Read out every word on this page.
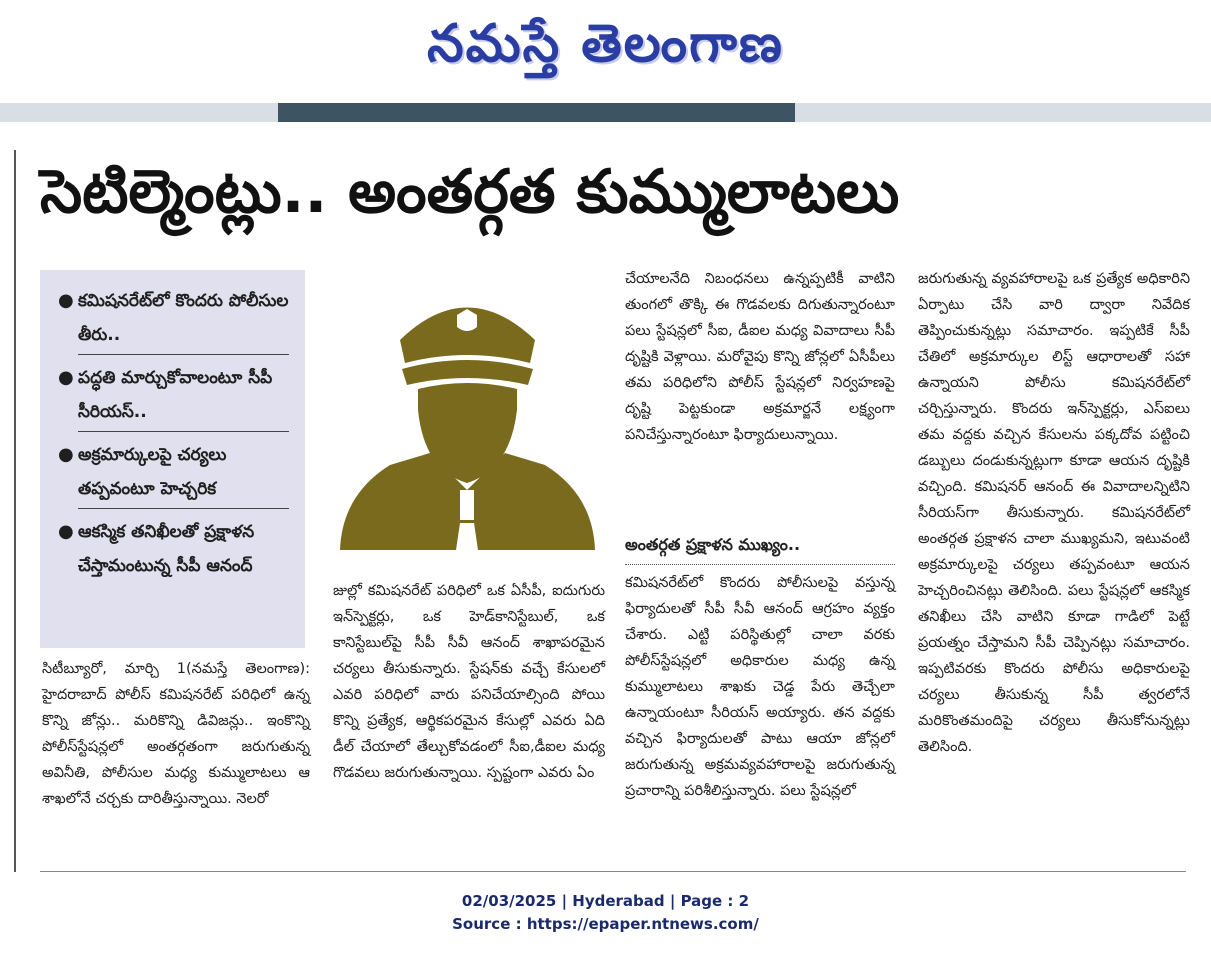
నమస్తే తెలంగాణ
సెటిల్మెంట్లు.. అంతర్గత కుమ్ములాటలు
● కమిషనరేట్‌లో కొందరు పోలీసుల తీరు..
● పద్ధతి మార్చుకోవాలంటూ సీపీ సీరియస్..
● అక్రమార్కులపై చర్యలు తప్పవంటూ హెచ్చరిక
● ఆకస్మిక తనిఖీలతో ప్రక్షాళన చేస్తామంటున్న సీపీ ఆనంద్
సిటీబ్యూరో, మార్చి 1(నమస్తే తెలంగాణ): హైదరాబాద్ పోలీస్ కమిషనరేట్ పరిధిలో ఉన్న కొన్ని జోన్లు.. మరికొన్ని డివిజన్లు.. ఇంకొన్ని పోలీస్‌స్టేషన్లలో అంతర్గతంగా జరుగుతున్న అవినీతి, పోలీసుల మధ్య కుమ్ములాటలు ఆ శాఖలోనే చర్చకు దారితీస్తున్నాయి. నెలరో
జుల్లో కమిషనరేట్ పరిధిలో ఒక ఏసీపీ, ఐదుగురు ఇన్‌స్పెక్టర్లు, ఒక హెడ్‌కానిస్టేబుల్, ఒక కానిస్టేబుల్‌పై సీపీ సీవీ ఆనంద్ శాఖాపరమైన చర్యలు తీసుకున్నారు. స్టేషన్‌కు వచ్చే కేసులలో ఎవరి పరిధిలో వారు పనిచేయాల్సింది పోయి కొన్ని ప్రత్యేక, ఆర్థికపరమైన కేసుల్లో ఎవరు ఏది డీల్ చేయాలో తేల్చుకోవడంలో సీఐ,డీఐల మధ్య గొడవలు జరుగుతున్నాయి. స్పష్టంగా ఎవరు ఏం
చేయాలనేది నిబంధనలు ఉన్నప్పటికీ వాటిని తుంగలో తొక్కి ఈ గొడవలకు దిగుతున్నారంటూ పలు స్టేషన్లలో సీఐ, డీఐల మధ్య వివాదాలు సీపీ దృష్టికి వెళ్లాయి. మరోవైపు కొన్ని జోన్లలో ఏసీపీలు తమ పరిధిలోని పోలీస్ స్టేషన్లలో నిర్వహణపై దృష్టి పెట్టకుండా అక్రమార్జనే లక్ష్యంగా పనిచేస్తున్నారంటూ ఫిర్యాదులున్నాయి.
అంతర్గత ప్రక్షాళన ముఖ్యం..
కమిషనరేట్‌లో కొందరు పోలీసులపై వస్తున్న ఫిర్యాదులతో సీపీ సీవీ ఆనంద్ ఆగ్రహం వ్యక్తం చేశారు. ఎట్టి పరిస్థితుల్లో చాలా వరకు పోలీస్‌స్టేషన్లలో అధికారుల మధ్య ఉన్న కుమ్ములాటలు శాఖకు చెడ్డ పేరు తెచ్చేలా ఉన్నాయంటూ సీరియస్ అయ్యారు. తన వద్దకు వచ్చిన ఫిర్యాదులతో పాటు ఆయా జోన్లలో జరుగుతున్న అక్రమవ్యవహారాలపై జరుగుతున్న ప్రచారాన్ని పరిశీలిస్తున్నారు. పలు స్టేషన్లలో
జరుగుతున్న వ్యవహారాలపై ఒక ప్రత్యేక అధికారిని ఏర్పాటు చేసి వారి ద్వారా నివేదిక తెప్పించుకున్నట్లు సమాచారం. ఇప్పటికే సీపీ చేతిలో అక్రమార్కుల లిస్ట్ ఆధారాలతో సహా ఉన్నాయని పోలీసు కమిషనరేట్‌లో చర్చిస్తున్నారు. కొందరు ఇన్‌స్పెక్టర్లు, ఎస్ఐలు తమ వద్దకు వచ్చిన కేసులను పక్కదోవ పట్టించి డబ్బులు దండుకున్నట్లుగా కూడా ఆయన దృష్టికి వచ్చింది. కమిషనర్ ఆనంద్ ఈ వివాదాలన్నిటిని సీరియస్‌గా తీసుకున్నారు. కమిషనరేట్‌లో అంతర్గత ప్రక్షాళన చాలా ముఖ్యమని, ఇటువంటి అక్రమార్కులపై చర్యలు తప్పవంటూ ఆయన హెచ్చరించినట్లు తెలిసింది. పలు స్టేషన్లలో ఆకస్మిక తనిఖీలు చేసి వాటిని కూడా గాడిలో పెట్టే ప్రయత్నం చేస్తామని సీపీ చెప్పినట్లు సమాచారం. ఇప్పటివరకు కొందరు పోలీసు అధికారులపై చర్యలు తీసుకున్న సీపీ త్వరలోనే మరికొంతమందిపై చర్యలు తీసుకోనున్నట్లు తెలిసింది.
02/03/2025 | Hyderabad | Page : 2
Source : https://epaper.ntnews.com/
